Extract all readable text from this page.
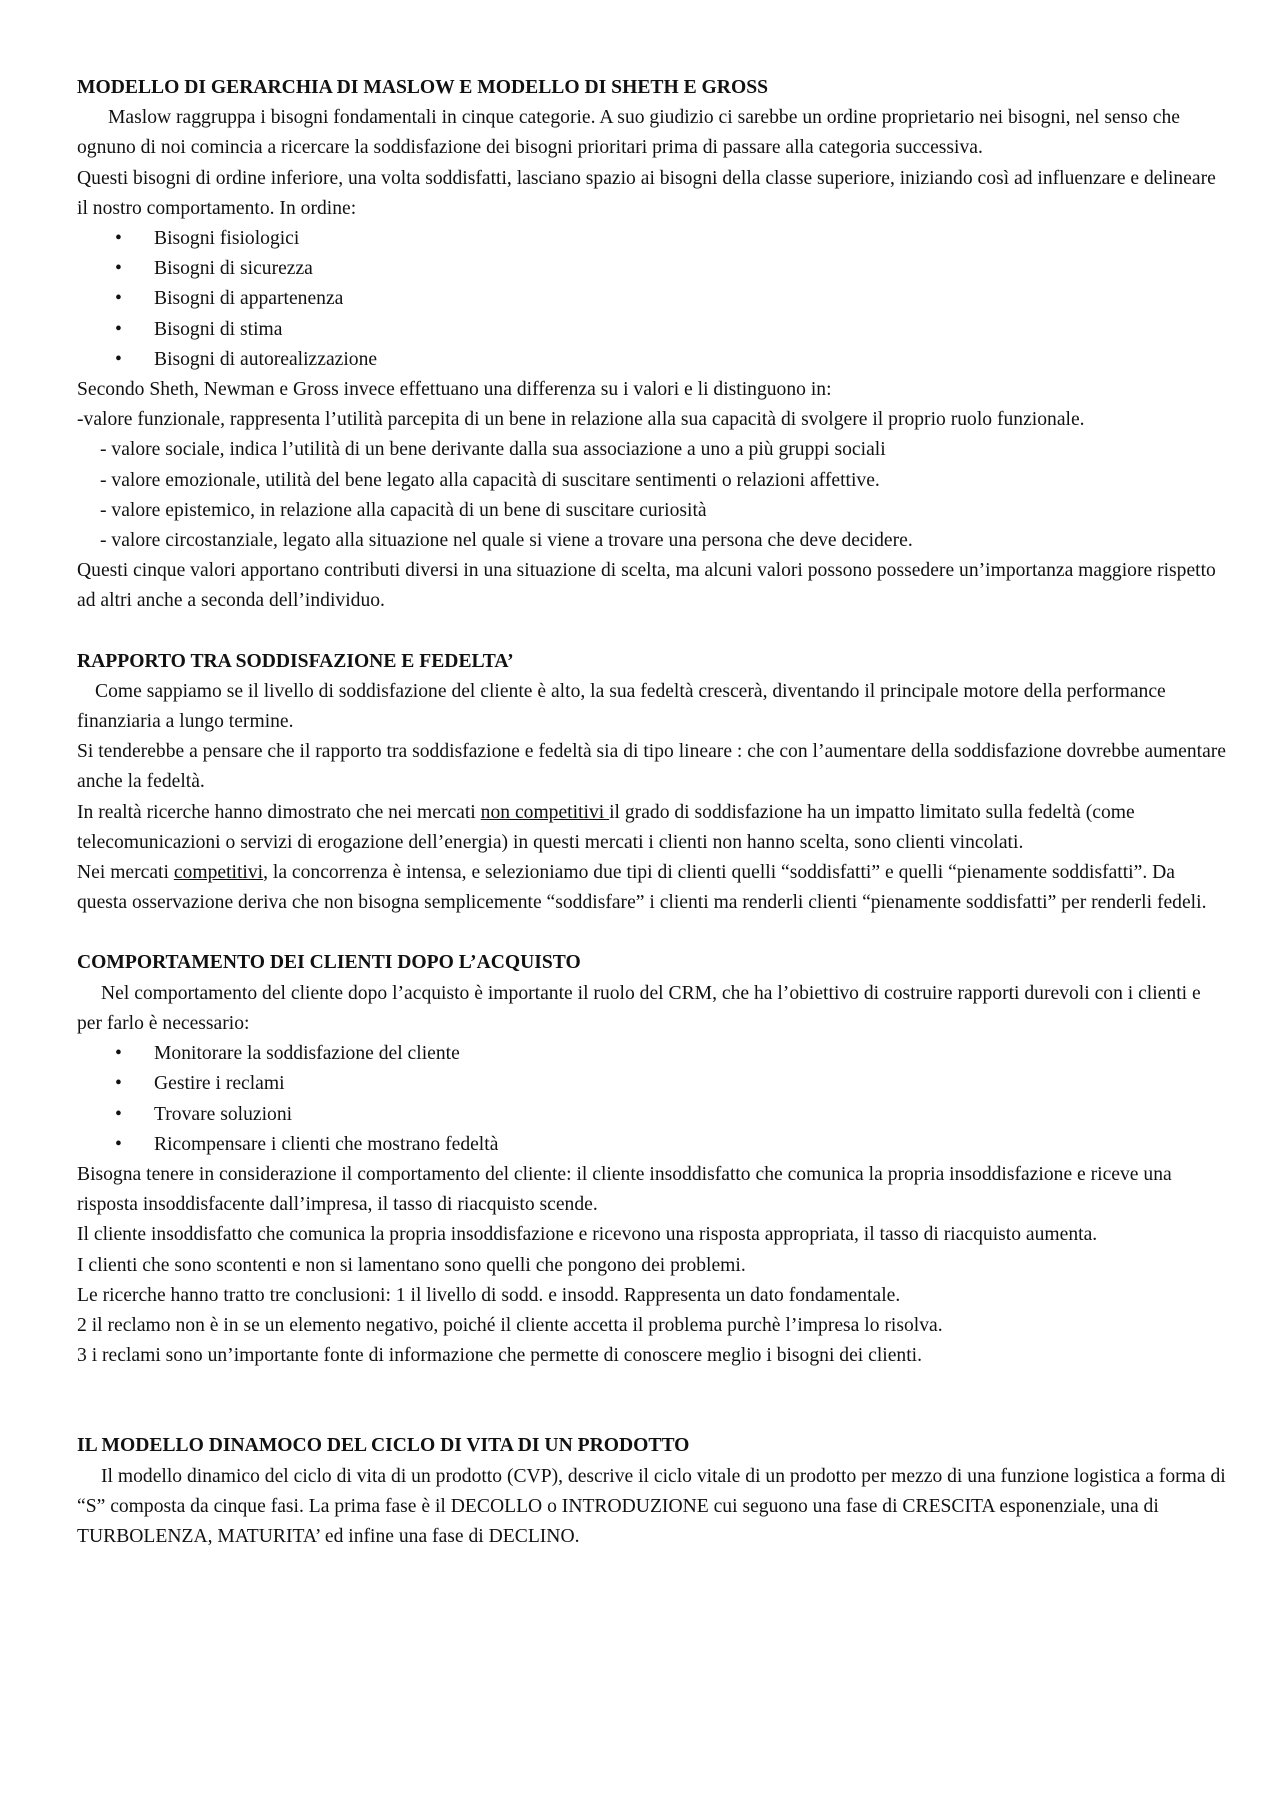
MODELLO DI GERARCHIA DI MASLOW E MODELLO DI SHETH E GROSS

Maslow raggruppa i bisogni fondamentali in cinque categorie. A suo giudizio ci sarebbe un ordine proprietario nei bisogni, nel senso che ognuno di noi comincia a ricercare la soddisfazione dei bisogni prioritari prima di passare alla categoria successiva.

Questi bisogni di ordine inferiore, una volta soddisfatti, lasciano spazio ai bisogni della classe superiore, iniziando così ad influenzare e delineare il nostro comportamento. In ordine:

• Bisogni fisiologici
• Bisogni di sicurezza
• Bisogni di appartenenza
• Bisogni di stima
• Bisogni di autorealizzazione

Secondo Sheth, Newman e Gross invece effettuano una differenza su i valori e li distinguono in:

-valore funzionale, rappresenta l’utilità parcepita di un bene in relazione alla sua capacità di svolgere il proprio ruolo funzionale.

- valore sociale, indica l’utilità di un bene derivante dalla sua associazione a uno a più gruppi sociali

- valore emozionale, utilità del bene legato alla capacità di suscitare sentimenti o relazioni affettive.

- valore epistemico, in relazione alla capacità di un bene di suscitare curiosità

- valore circostanziale, legato alla situazione nel quale si viene a trovare una persona che deve decidere.

Questi cinque valori apportano contributi diversi in una situazione di scelta, ma alcuni valori possono possedere un’importanza maggiore rispetto ad altri anche a seconda dell’individuo.

RAPPORTO TRA SODDISFAZIONE E FEDELTA’

Come sappiamo se il livello di soddisfazione del cliente è alto, la sua fedeltà crescerà, diventando il principale motore della performance finanziaria a lungo termine.

Si tenderebbe a pensare che il rapporto tra soddisfazione e fedeltà sia di tipo lineare : che con l’aumentare della soddisfazione dovrebbe aumentare anche la fedeltà.

In realtà ricerche hanno dimostrato che nei mercati non competitivi il grado di soddisfazione ha un impatto limitato sulla fedeltà (come telecomunicazioni o servizi di erogazione dell’energia) in questi mercati i clienti non hanno scelta, sono clienti vincolati.

Nei mercati competitivi, la concorrenza è intensa, e selezioniamo due tipi di clienti quelli “soddisfatti” e quelli “pienamente soddisfatti”. Da questa osservazione deriva che non bisogna semplicemente “soddisfare” i clienti ma renderli clienti “pienamente soddisfatti” per renderli fedeli.

COMPORTAMENTO DEI CLIENTI DOPO L’ACQUISTO

Nel comportamento del cliente dopo l’acquisto è importante il ruolo del CRM, che ha l’obiettivo di costruire rapporti durevoli con i clienti e per farlo è necessario:

• Monitorare la soddisfazione del cliente
• Gestire i reclami
• Trovare soluzioni
• Ricompensare i clienti che mostrano fedeltà

Bisogna tenere in considerazione il comportamento del cliente: il cliente insoddisfatto che comunica la propria insoddisfazione e riceve una risposta insoddisfacente dall’impresa, il tasso di riacquisto scende.

Il cliente insoddisfatto che comunica la propria insoddisfazione e ricevono una risposta appropriata, il tasso di riacquisto aumenta.

I clienti che sono scontenti e non si lamentano sono quelli che pongono dei problemi.

Le ricerche hanno tratto tre conclusioni: 1 il livello di sodd. e insodd. Rappresenta un dato fondamentale.

2 il reclamo non è in se un elemento negativo, poiché il cliente accetta il problema purchè l’impresa lo risolva.

3 i reclami sono un’importante fonte di informazione che permette di conoscere meglio i bisogni dei clienti.

IL MODELLO DINAMOCO DEL CICLO DI VITA DI UN PRODOTTO

Il modello dinamico del ciclo di vita di un prodotto (CVP), descrive il ciclo vitale di un prodotto per mezzo di una funzione logistica a forma di “S” composta da cinque fasi. La prima fase è il DECOLLO o INTRODUZIONE cui seguono una fase di CRESCITA esponenziale, una di TURBOLENZA, MATURITA’ ed infine una fase di DECLINO.
